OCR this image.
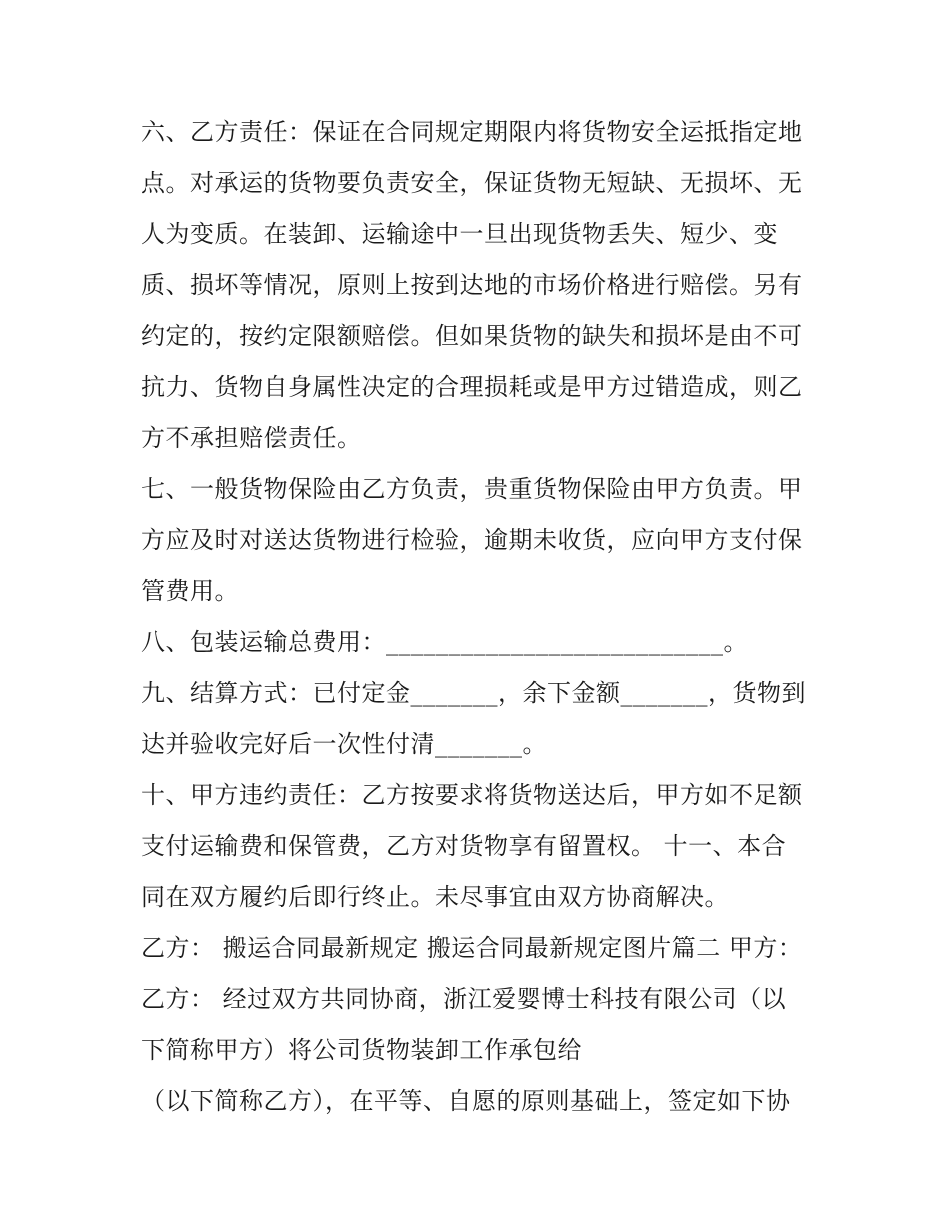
六、乙方责任：保证在合同规定期限内将货物安全运抵指定地
点。对承运的货物要负责安全，保证货物无短缺、无损坏、无
人为变质。在装卸、运输途中一旦出现货物丢失、短少、变
质、损坏等情况，原则上按到达地的市场价格进行赔偿。另有
约定的，按约定限额赔偿。但如果货物的缺失和损坏是由不可
抗力、货物自身属性决定的合理损耗或是甲方过错造成，则乙
方不承担赔偿责任。
七、一般货物保险由乙方负责，贵重货物保险由甲方负责。甲
方应及时对送达货物进行检验，逾期未收货，应向甲方支付保
管费用。
八、包装运输总费用：___________________________。
九、结算方式：已付定金_______，余下金额_______，货物到
达并验收完好后一次性付清_______。
十、甲方违约责任：乙方按要求将货物送达后，甲方如不足额
支付运输费和保管费，乙方对货物享有留置权。 十一、本合
同在双方履约后即行终止。未尽事宜由双方协商解决。
乙方： 搬运合同最新规定 搬运合同最新规定图片篇二 甲方：
乙方： 经过双方共同协商，浙江爱婴博士科技有限公司（以
下简称甲方）将公司货物装卸工作承包给
（以下简称乙方），在平等、自愿的原则基础上，签定如下协
